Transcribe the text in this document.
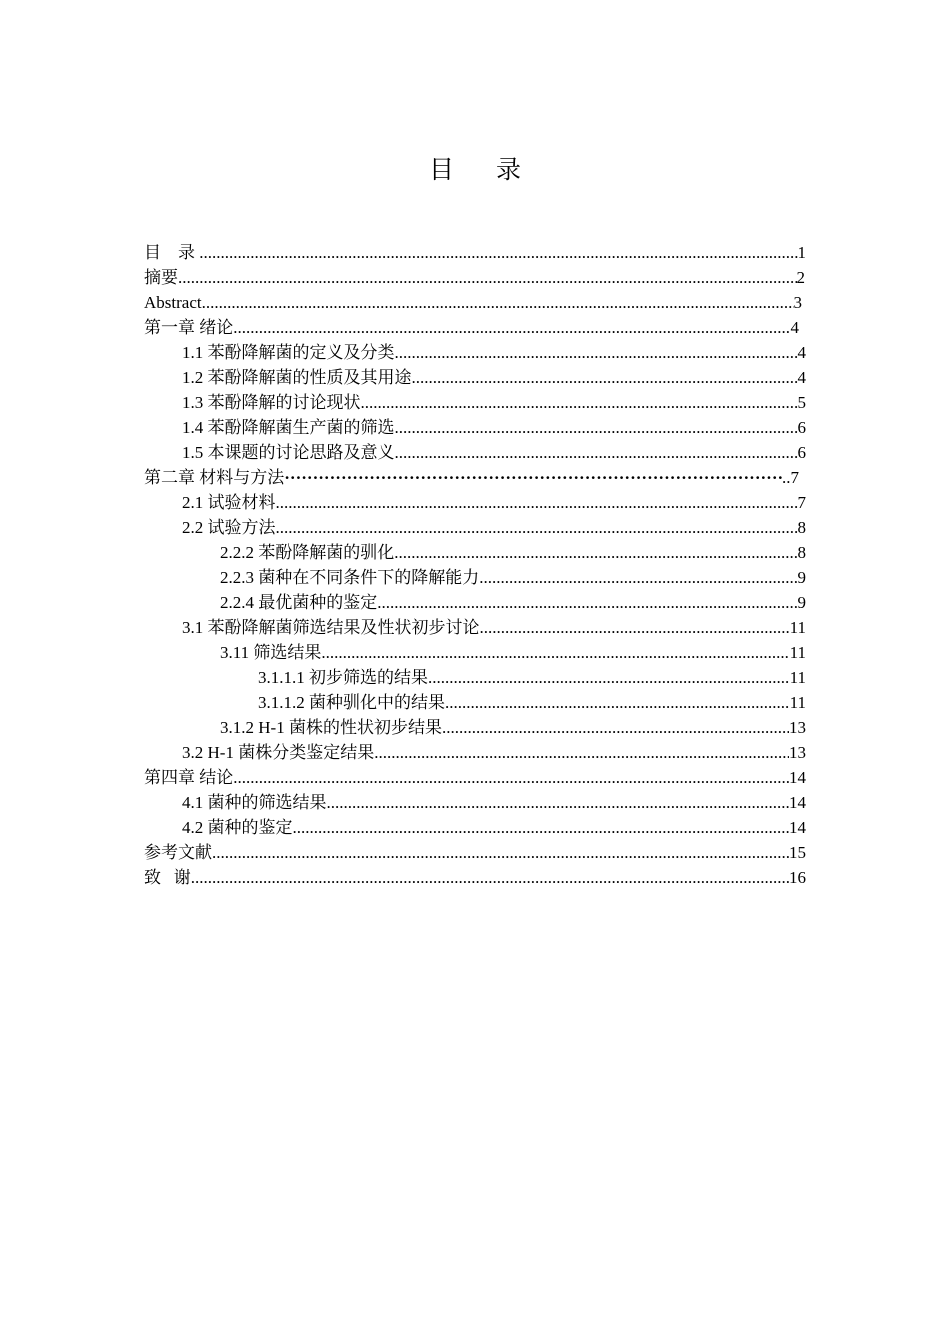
目 录
目    录 .....	1
摘要 .....	2
Abstract .....	3
第一章 绪论 .....	4
1.1 苯酚降解菌的定义及分类 .....	4
1.2 苯酚降解菌的性质及其用途 .....	4
1.3 苯酚降解的讨论现状 .....	5
1.4 苯酚降解菌生产菌的筛选 .....	6
1.5 本课题的讨论思路及意义 .....	6
第二章 材料与方法 ·····	..7
2.1 试验材料 .....	7
2.2 试验方法 .....	8
2.2.2 苯酚降解菌的驯化 .....	8
2.2.3 菌种在不同条件下的降解能力 .....	9
2.2.4 最优菌种的鉴定 .....	9
3.1 苯酚降解菌筛选结果及性状初步讨论 .....	11
3.11 筛选结果 .....	11
3.1.1.1 初步筛选的结果 .....	11
3.1.1.2 菌种驯化中的结果 .....	11
3.1.2 H-1 菌株的性状初步结果 .....	13
3.2 H-1 菌株分类鉴定结果 .....	13
第四章 结论 .....	14
4.1 菌种的筛选结果 .....	14
4.2 菌种的鉴定 .....	14
参考文献 .....	15
致   谢 .....	16
